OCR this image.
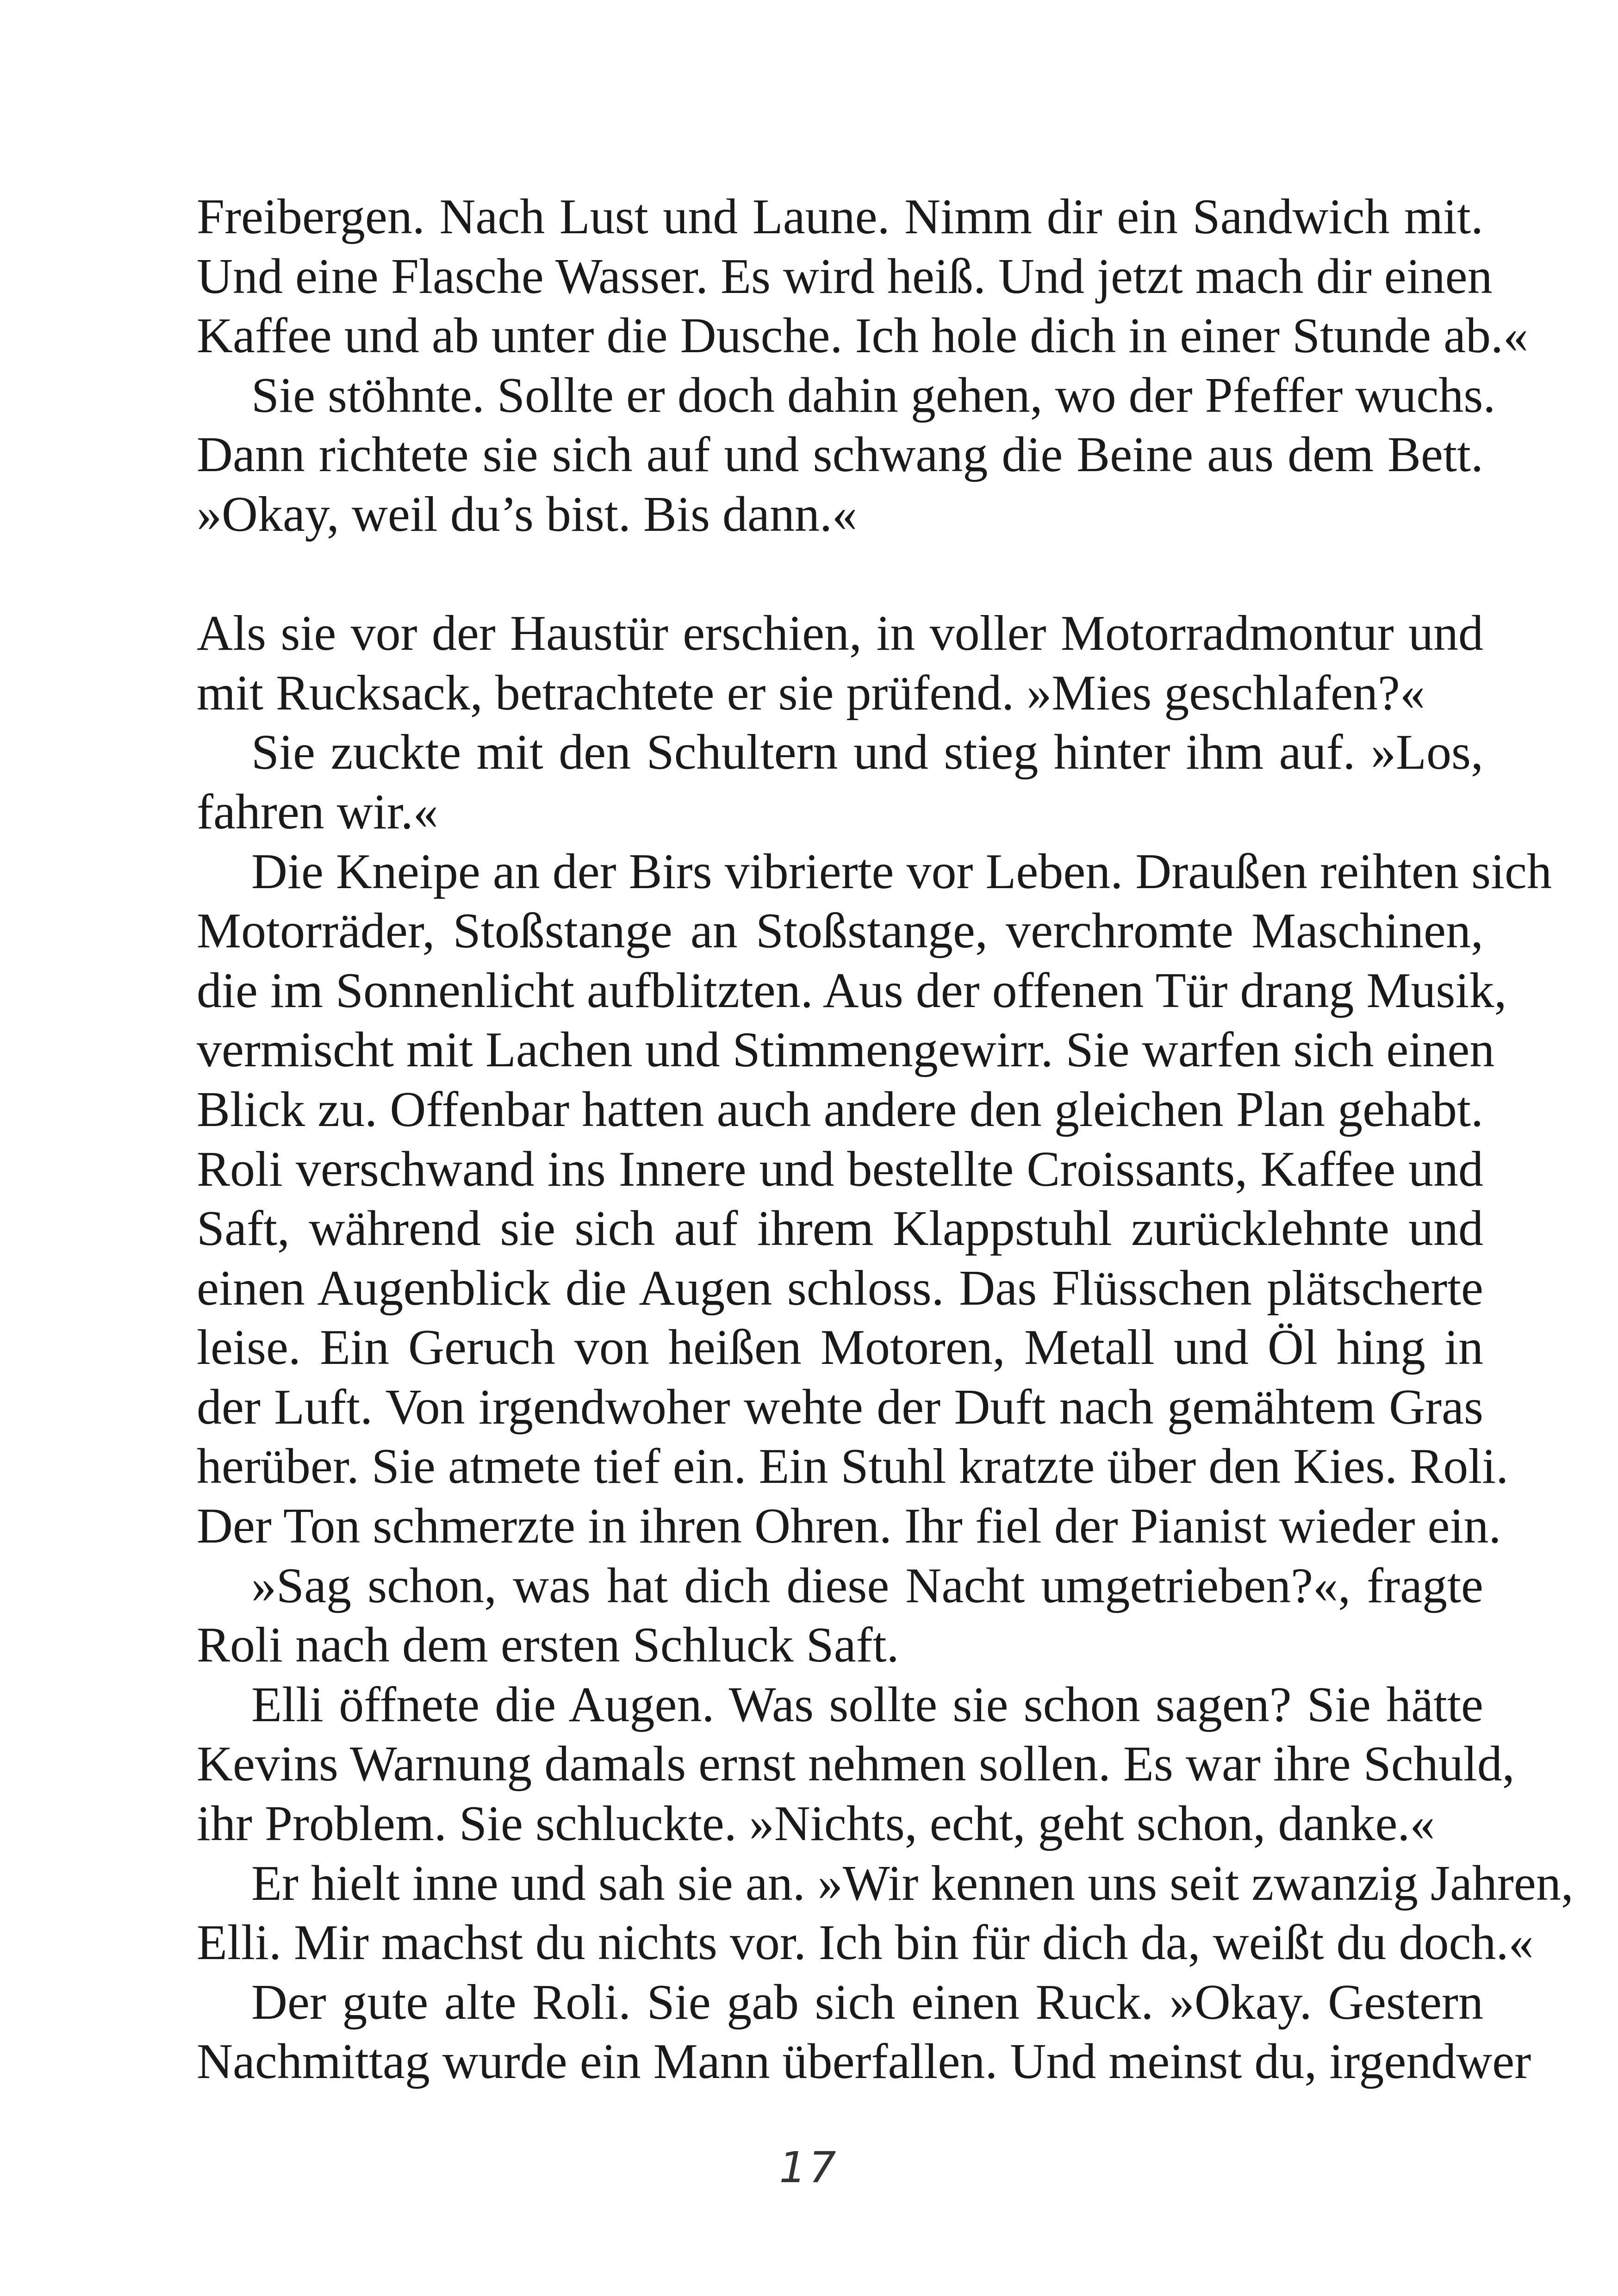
Freibergen. Nach Lust und Laune. Nimm dir ein Sandwich mit.
Und eine Flasche Wasser. Es wird heiß. Und jetzt mach dir einen
Kaffee und ab unter die Dusche. Ich hole dich in einer Stunde ab.«
Sie stöhnte. Sollte er doch dahin gehen, wo der Pfeffer wuchs.
Dann richtete sie sich auf und schwang die Beine aus dem Bett.
»Okay, weil du’s bist. Bis dann.«
Als sie vor der Haustür erschien, in voller Motorradmontur und
mit Rucksack, betrachtete er sie prüfend. »Mies geschlafen?«
Sie zuckte mit den Schultern und stieg hinter ihm auf. »Los,
fahren wir.«
Die Kneipe an der Birs vibrierte vor Leben. Draußen reihten sich
Motorräder, Stoßstange an Stoßstange, verchromte Maschinen,
die im Sonnenlicht aufblitzten. Aus der offenen Tür drang Musik,
vermischt mit Lachen und Stimmengewirr. Sie warfen sich einen
Blick zu. Offenbar hatten auch andere den gleichen Plan gehabt.
Roli verschwand ins Innere und bestellte Croissants, Kaffee und
Saft, während sie sich auf ihrem Klappstuhl zurücklehnte und
einen Augenblick die Augen schloss. Das Flüsschen plätscherte
leise. Ein Geruch von heißen Motoren, Metall und Öl hing in
der Luft. Von irgendwoher wehte der Duft nach gemähtem Gras
herüber. Sie atmete tief ein. Ein Stuhl kratzte über den Kies. Roli.
Der Ton schmerzte in ihren Ohren. Ihr fiel der Pianist wieder ein.
»Sag schon, was hat dich diese Nacht umgetrieben?«, fragte
Roli nach dem ersten Schluck Saft.
Elli öffnete die Augen. Was sollte sie schon sagen? Sie hätte
Kevins Warnung damals ernst nehmen sollen. Es war ihre Schuld,
ihr Problem. Sie schluckte. »Nichts, echt, geht schon, danke.«
Er hielt inne und sah sie an. »Wir kennen uns seit zwanzig Jahren,
Elli. Mir machst du nichts vor. Ich bin für dich da, weißt du doch.«
Der gute alte Roli. Sie gab sich einen Ruck. »Okay. Gestern
Nachmittag wurde ein Mann überfallen. Und meinst du, irgendwer
17
